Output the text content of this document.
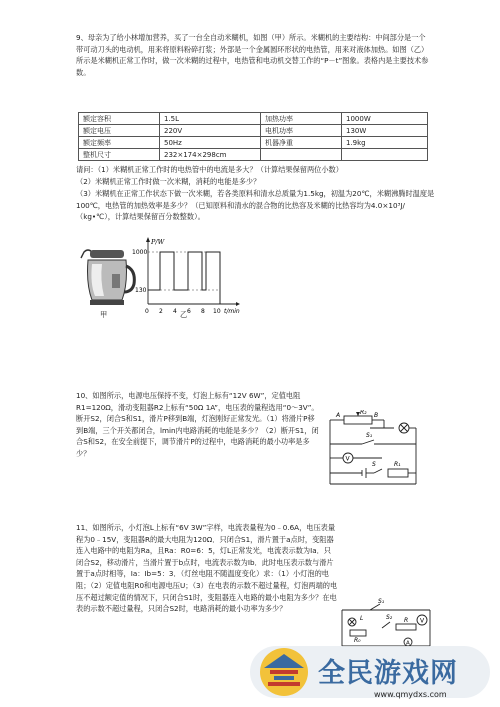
9、母亲为了给小林增加营养，买了一台全自动米糊机，如图（甲）所示。米糊机的主要结构：中间部分是一个带可动刀头的电动机，用来将原料粉碎打浆；外部是一个金属圆环形状的电热管，用来对液体加热。如图（乙）所示是米糊机正常工作时，做一次米糊的过程中，电热管和电动机交替工作的“P－t”图象。表格内是主要技术参数。
额定容积	1.5L	加热功率	1000W
额定电压	220V	电机功率	130W
额定频率	50Hz	机器净重	1.9kg
整机尺寸	232×174×298cm		
请问：（1）米糊机正常工作时的电热管中的电流是多大？（计算结果保留两位小数）
（2）米糊机正常工作时做一次米糊，消耗的电能是多少？
（3）米糊机在正常工作状态下做一次米糊，若各类原料和清水总质量为1.5kg，初温为20℃，米糊沸腾时温度是100℃，电热管的加热效率是多少？（已知原料和清水的混合物的比热容及米糊的比热容均为4.0×10³J/（kg•℃），计算结果保留百分数整数）。
甲
P/W
1000
130
0 2 4 6 8 10 t/min
乙
10、如图所示，电源电压保持不变，灯泡上标有“12V 6W”，定值电阻R1=120Ω，滑动变阻器R2上标有“50Ω 1A”，电压表的量程选用“0～3V”。断开S2，闭合S和S1，滑片P移到B端，灯泡刚好正常发光。（1）将滑片P移到B端，三个开关都闭合，lmin内电路消耗的电能是多少？（2）断开S1，闭合S和S2，在安全前提下，调节滑片P的过程中，电路消耗的最小功率是多少？
A	R₂ B
S₁
V
S	R₁
11、如图所示，小灯泡L上标有“6V 3W”字样，电流表量程为0﹣0.6A，电压表量程为0﹣15V，变阻器R的最大电阻为120Ω．只闭合S1，滑片置于a点时，变阻器连入电路中的电阻为Ra，且Ra：R0=6：5，灯L正常发光，电流表示数为Ia．只闭合S2，移动滑片，当滑片置于b点时，电流表示数为Ib．此时电压表示数与滑片置于a点时相等，Ia：Ib=5：3．（灯丝电阻不随温度变化）求：（1）小灯泡的电阻；（2）定值电阻R0和电源电压U；（3）在电表的示数不超过量程，灯泡两端的电压不超过额定值的情况下，只闭合S1时，变阻器连入电路的最小电阻为多少？在电表的示数不超过量程，只闭合S2时，电路消耗的最小功率为多少？
L
S₁
R₀
R V
S₂
A
全民游戏网
www.qmydxs.com
